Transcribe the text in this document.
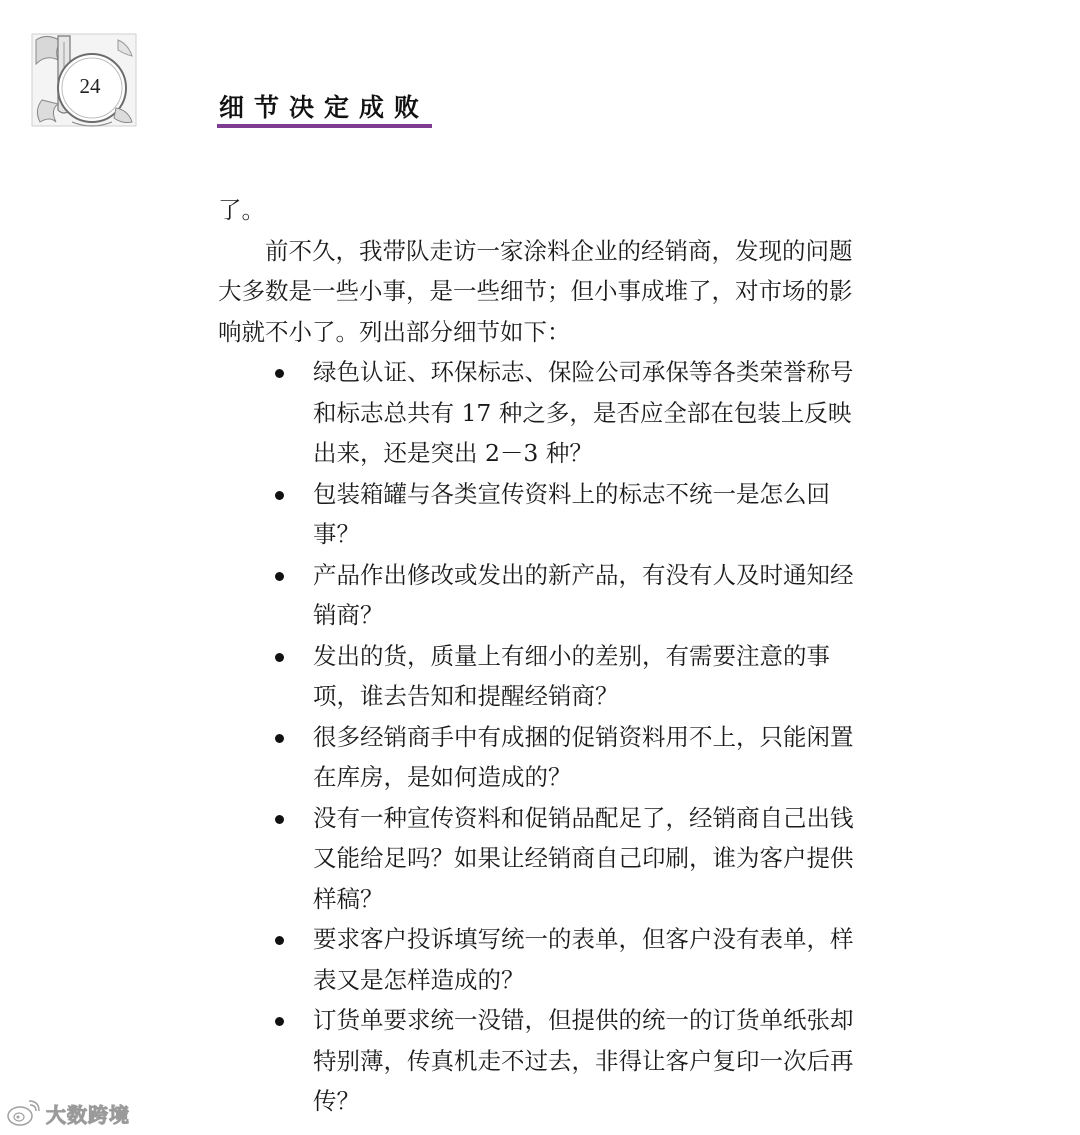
24
细节决定成败

了。

前不久，我带队走访一家涂料企业的经销商，发现的问题大多数是一些小事，是一些细节；但小事成堆了，对市场的影响就不小了。列出部分细节如下：

绿色认证、环保标志、保险公司承保等各类荣誉称号和标志总共有 17 种之多，是否应全部在包装上反映出来，还是突出 2－3 种？
包装箱罐与各类宣传资料上的标志不统一是怎么回事？
产品作出修改或发出的新产品，有没有人及时通知经销商？
发出的货，质量上有细小的差别，有需要注意的事项，谁去告知和提醒经销商？
很多经销商手中有成捆的促销资料用不上，只能闲置在库房，是如何造成的？
没有一种宣传资料和促销品配足了，经销商自己出钱又能给足吗？如果让经销商自己印刷，谁为客户提供样稿？
要求客户投诉填写统一的表单，但客户没有表单，样表又是怎样造成的？
订货单要求统一没错，但提供的统一的订货单纸张却特别薄，传真机走不过去，非得让客户复印一次后再传？
大数跨境
